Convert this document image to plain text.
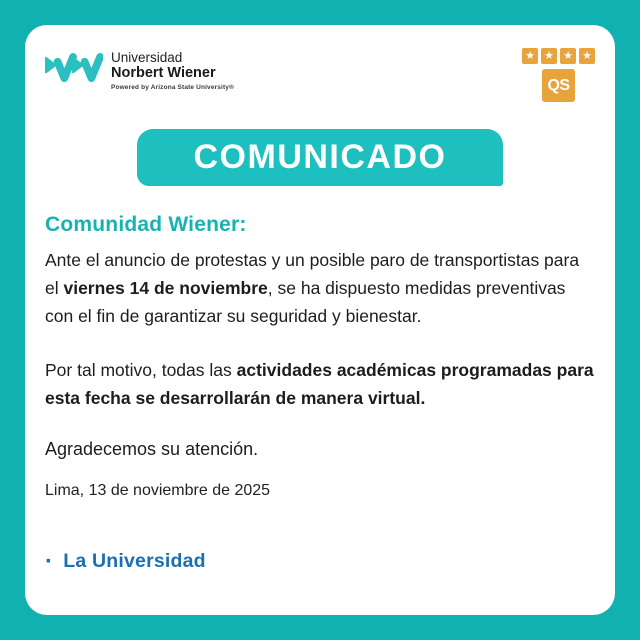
Universidad
Norbert Wiener
Powered by Arizona State University®
★ ★ ★ ★
QS
COMUNICADO
Comunidad Wiener:

Ante el anuncio de protestas y un posible paro de transportistas para el viernes 14 de noviembre, se ha dispuesto medidas preventivas con el fin de garantizar su seguridad y bienestar.

Por tal motivo, todas las actividades académicas programadas para esta fecha se desarrollarán de manera virtual.

Agradecemos su atención.

Lima, 13 de noviembre de 2025

· La Universidad
